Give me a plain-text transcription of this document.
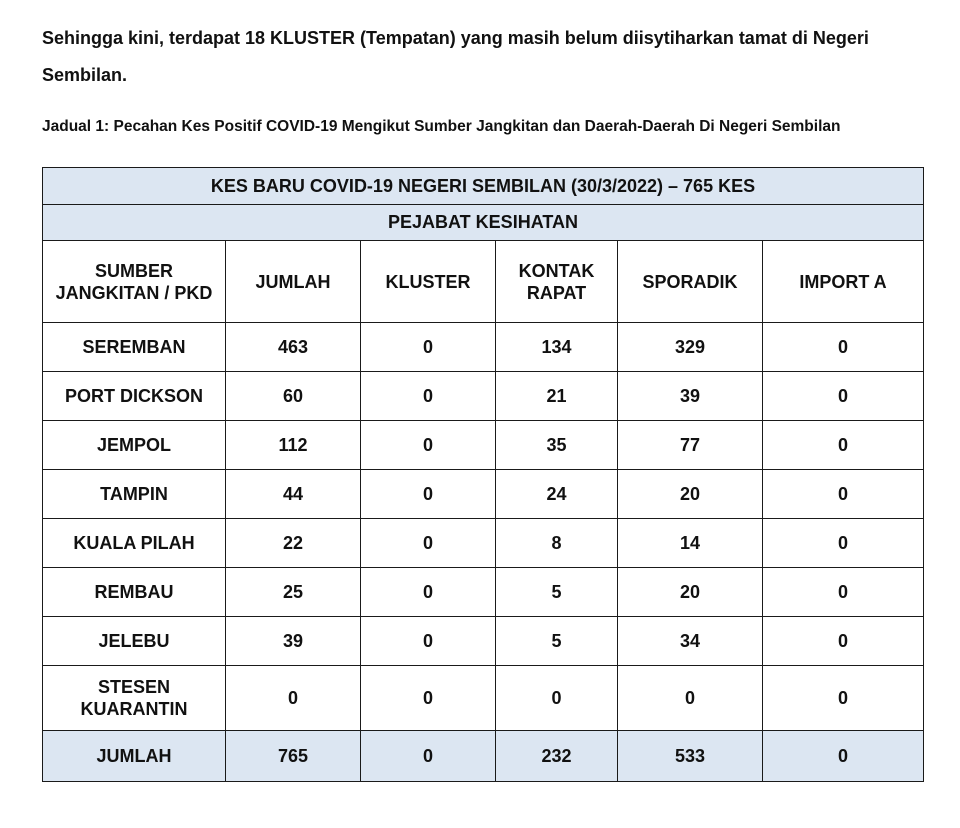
Sehingga kini, terdapat 18 KLUSTER (Tempatan) yang masih belum diisytiharkan tamat di Negeri Sembilan.

Jadual 1: Pecahan Kes Positif COVID-19 Mengikut Sumber Jangkitan dan Daerah-Daerah Di Negeri Sembilan

KES BARU COVID-19 NEGERI SEMBILAN (30/3/2022) – 765 KES					
PEJABAT KESIHATAN					
SUMBER JANGKITAN / PKD	JUMLAH	KLUSTER	KONTAK RAPAT	SPORADIK	IMPORT A
SEREMBAN	463	0	134	329	0
PORT DICKSON	60	0	21	39	0
JEMPOL	112	0	35	77	0
TAMPIN	44	0	24	20	0
KUALA PILAH	22	0	8	14	0
REMBAU	25	0	5	20	0
JELEBU	39	0	5	34	0
STESEN KUARANTIN	0	0	0	0	0
JUMLAH	765	0	232	533	0
